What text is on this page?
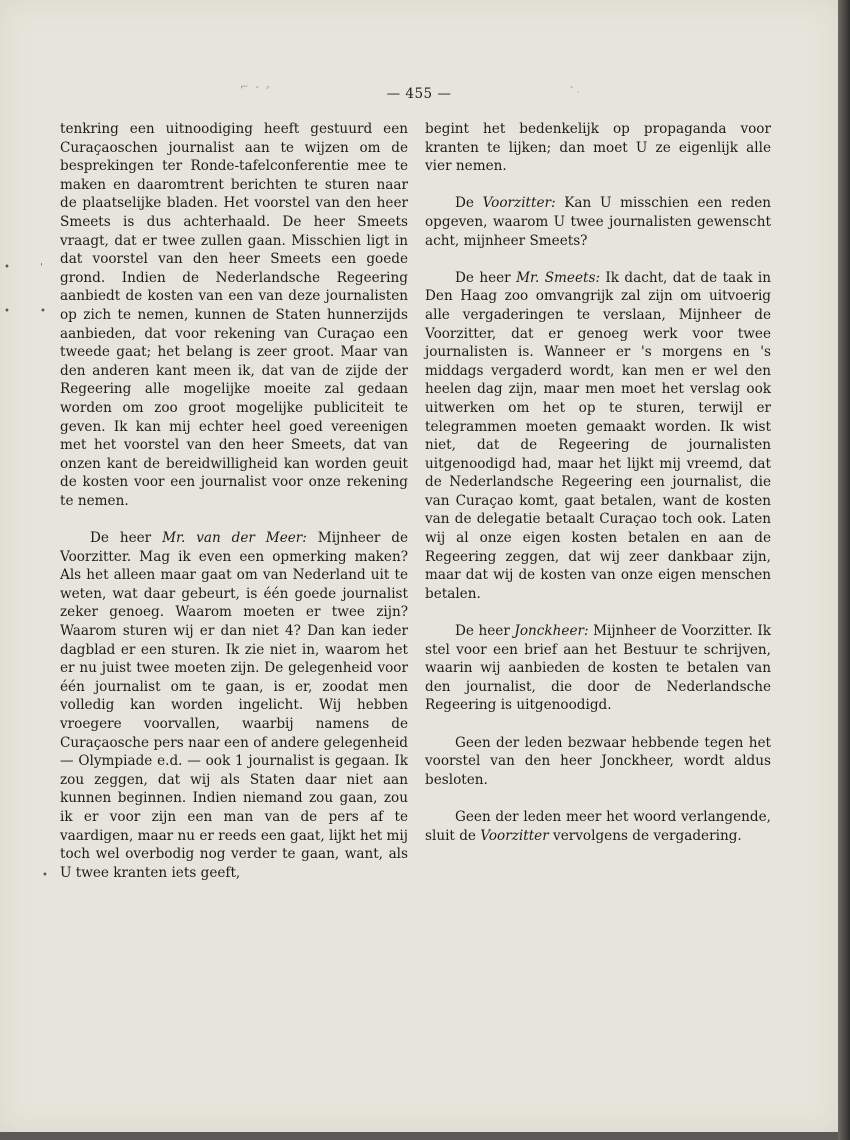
⌐ ‐ ⸗	‐ ˎ
— 455 —

tenkring een uitnoodiging heeft gestuurd een Curaçaoschen journalist aan te wijzen om de besprekingen ter Ronde-tafelconferentie mee te maken en daaromtrent berichten te sturen naar de plaatselijke bladen. Het voorstel van den heer Smeets is dus achterhaald. De heer Smeets vraagt, dat er twee zullen gaan. Misschien ligt in dat voorstel van den heer Smeets een goede grond. Indien de Nederlandsche Regeering aanbiedt de kosten van een van deze journalisten op zich te nemen, kunnen de Staten hunnerzijds aanbieden, dat voor rekening van Curaçao een tweede gaat; het belang is zeer groot. Maar van den anderen kant meen ik, dat van de zijde der Regeering alle mogelijke moeite zal gedaan worden om zoo groot mogelijke publiciteit te geven. Ik kan mij echter heel goed vereenigen met het voorstel van den heer Smeets, dat van onzen kant de bereidwilligheid kan worden geuit de kosten voor een journalist voor onze rekening te nemen.

De heer Mr. van der Meer: Mijnheer de Voorzitter. Mag ik even een opmerking maken? Als het alleen maar gaat om van Nederland uit te weten, wat daar gebeurt, is één goede journalist zeker genoeg. Waarom moeten er twee zijn? Waarom sturen wij er dan niet 4? Dan kan ieder dagblad er een sturen. Ik zie niet in, waarom het er nu juist twee moeten zijn. De gelegenheid voor één journalist om te gaan, is er, zoodat men volledig kan worden ingelicht. Wij hebben vroegere voorvallen, waarbij namens de Curaçaosche pers naar een of andere gelegenheid — Olympiade e.d. — ook 1 journalist is gegaan. Ik zou zeggen, dat wij als Staten daar niet aan kunnen beginnen. Indien niemand zou gaan, zou ik er voor zijn een man van de pers af te vaardigen, maar nu er reeds een gaat, lijkt het mij toch wel overbodig nog verder te gaan, want, als U twee kranten iets geeft,

begint het bedenkelijk op propaganda voor kranten te lijken; dan moet U ze eigenlijk alle vier nemen.

De Voorzitter: Kan U misschien een reden opgeven, waarom U twee journalisten gewenscht acht, mijnheer Smeets?

De heer Mr. Smeets: Ik dacht, dat de taak in Den Haag zoo omvangrijk zal zijn om uitvoerig alle vergaderingen te verslaan, Mijnheer de Voorzitter, dat er genoeg werk voor twee journalisten is. Wanneer er 's morgens en 's middags vergaderd wordt, kan men er wel den heelen dag zijn, maar men moet het verslag ook uitwerken om het op te sturen, terwijl er telegrammen moeten gemaakt worden. Ik wist niet, dat de Regeering de journalisten uitgenoodigd had, maar het lijkt mij vreemd, dat de Nederlandsche Regeering een journalist, die van Curaçao komt, gaat betalen, want de kosten van de delegatie betaalt Curaçao toch ook. Laten wij al onze eigen kosten betalen en aan de Regeering zeggen, dat wij zeer dankbaar zijn, maar dat wij de kosten van onze eigen menschen betalen.

De heer Jonckheer: Mijnheer de Voorzitter. Ik stel voor een brief aan het Bestuur te schrijven, waarin wij aanbieden de kosten te betalen van den journalist, die door de Nederlandsche Regeering is uitgenoodigd.

Geen der leden bezwaar hebbende tegen het voorstel van den heer Jonckheer, wordt aldus besloten.

Geen der leden meer het woord verlangende, sluit de Voorzitter vervolgens de vergadering.

•	ˈ
•	•
•
